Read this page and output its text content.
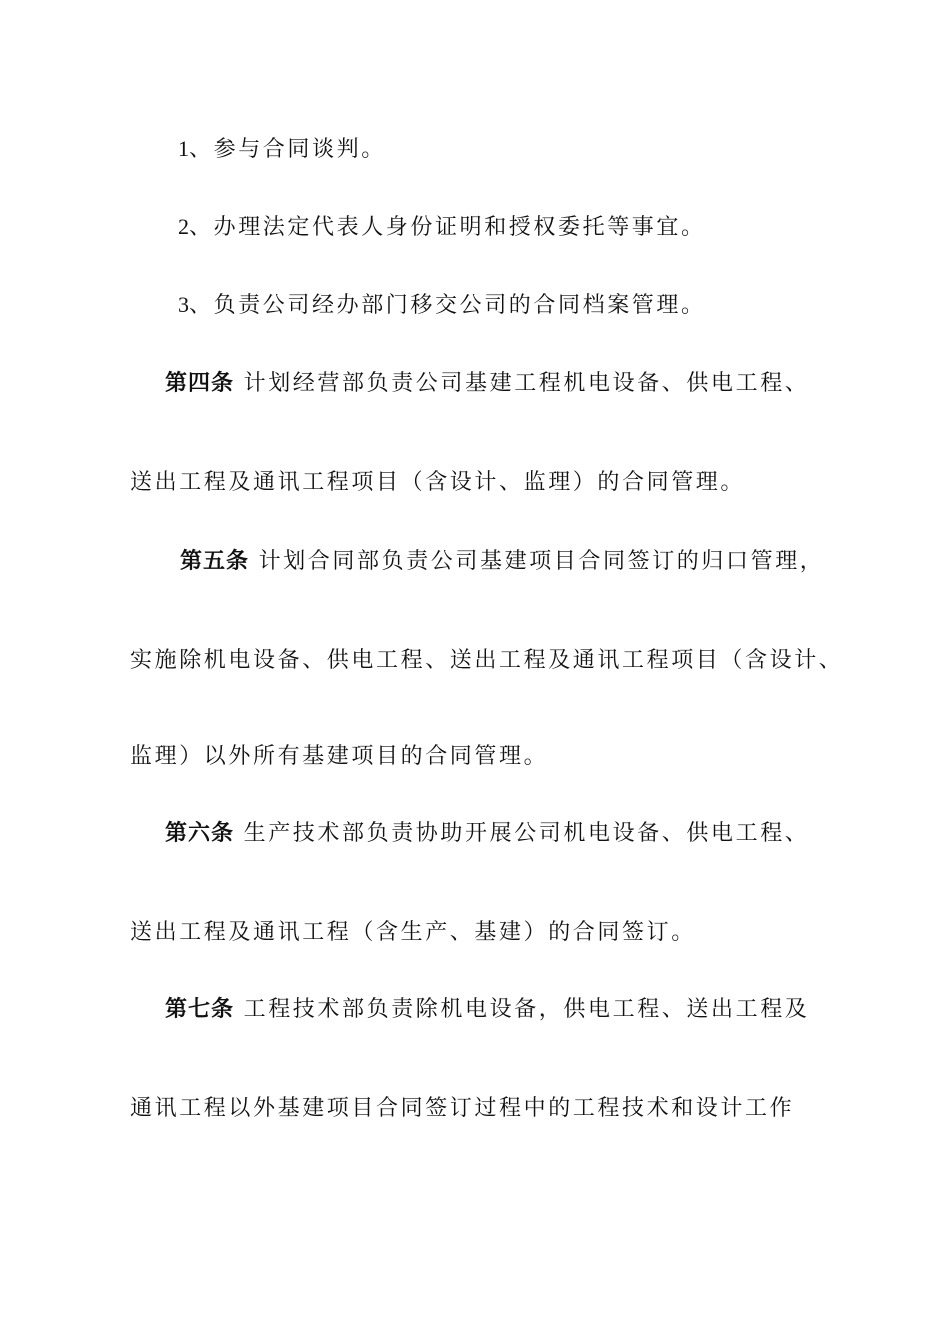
1、参与合同谈判。

2、办理法定代表人身份证明和授权委托等事宜。

3、负责公司经办部门移交公司的合同档案管理。

第四条 计划经营部负责公司基建工程机电设备、供电工程、

送出工程及通讯工程项目（含设计、监理）的合同管理。

第五条 计划合同部负责公司基建项目合同签订的归口管理，

实施除机电设备、供电工程、送出工程及通讯工程项目（含设计、

监理）以外所有基建项目的合同管理。

第六条 生产技术部负责协助开展公司机电设备、供电工程、

送出工程及通讯工程（含生产、基建）的合同签订。

第七条 工程技术部负责除机电设备，供电工程、送出工程及

通讯工程以外基建项目合同签订过程中的工程技术和设计工作
